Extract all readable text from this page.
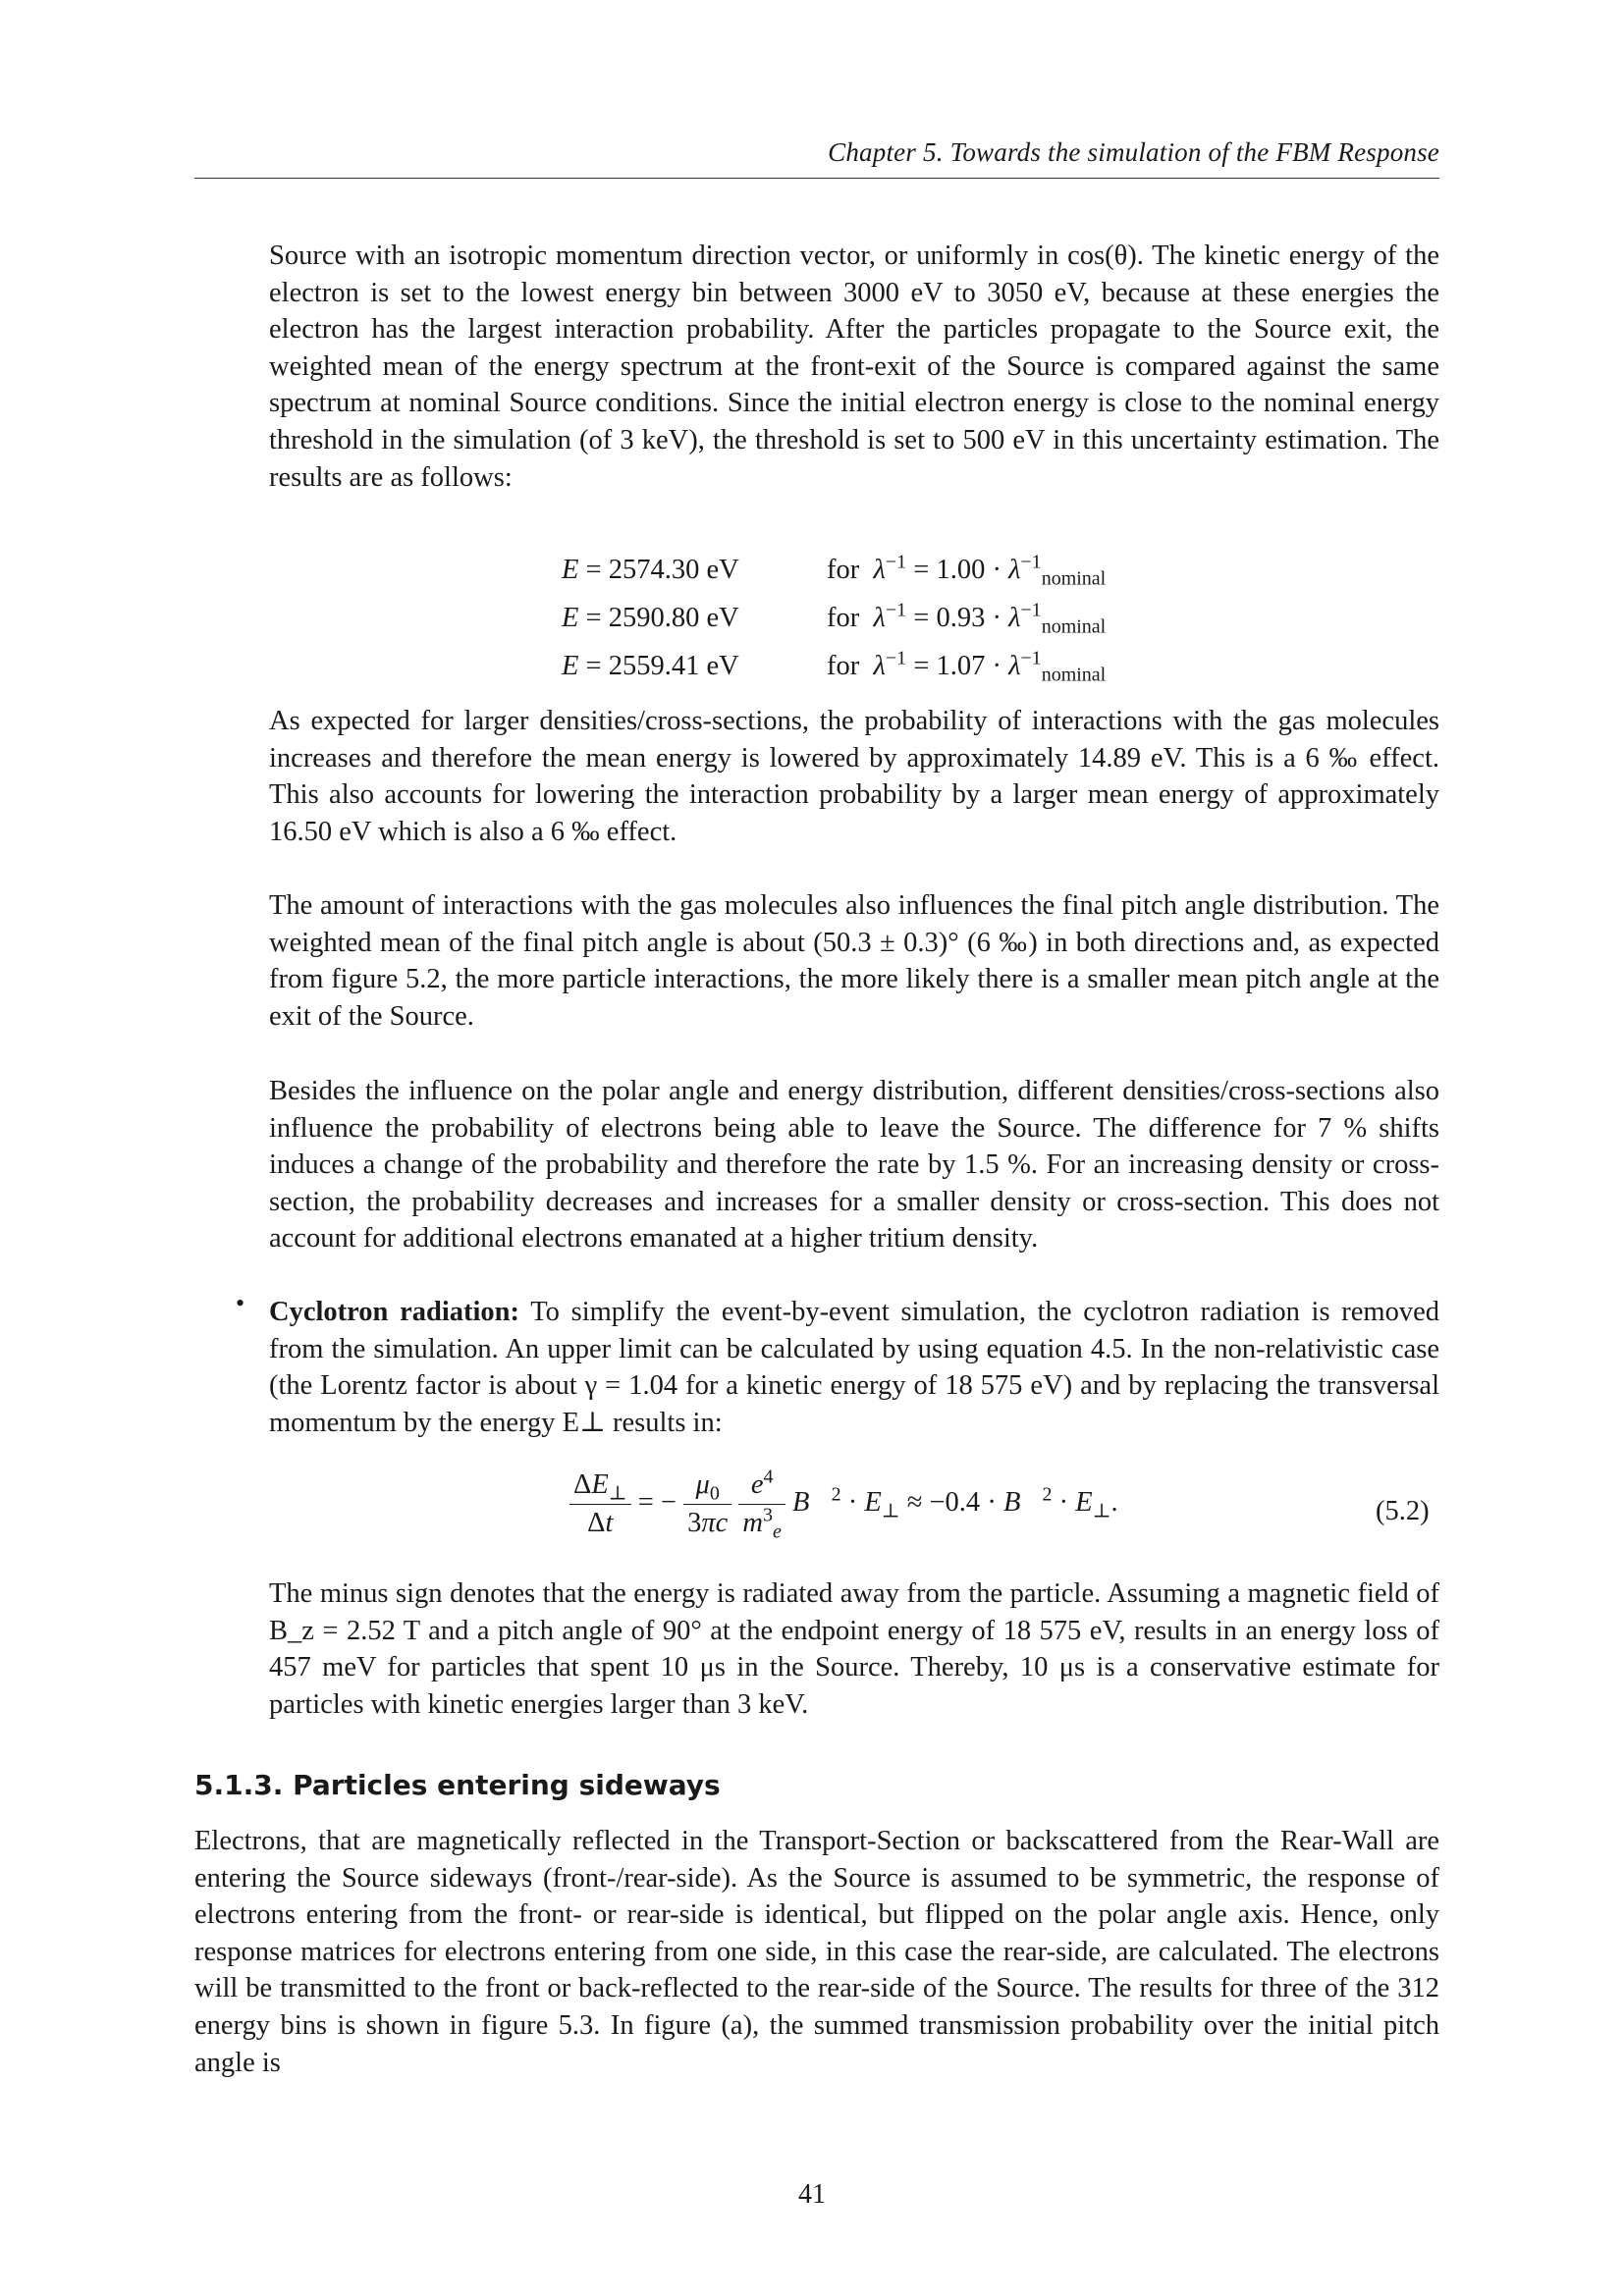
Chapter 5. Towards the simulation of the FBM Response

Source with an isotropic momentum direction vector, or uniformly in cos(θ). The kinetic energy of the electron is set to the lowest energy bin between 3000 eV to 3050 eV, because at these energies the electron has the largest interaction probability. After the particles propagate to the Source exit, the weighted mean of the energy spectrum at the front-exit of the Source is compared against the same spectrum at nominal Source conditions. Since the initial electron energy is close to the nominal energy threshold in the simulation (of 3 keV), the threshold is set to 500 eV in this uncertainty estimation. The results are as follows:

E = 2574.30 eV	for $\lambda^{-1} = 1.00 \cdot \lambda^{-1}_{nominal}$
E = 2590.80 eV	for $\lambda^{-1} = 0.93 \cdot \lambda^{-1}_{nominal}$
E = 2559.41 eV	for $\lambda^{-1} = 1.07 \cdot \lambda^{-1}_{nominal}$

As expected for larger densities/cross-sections, the probability of interactions with the gas molecules increases and therefore the mean energy is lowered by approximately 14.89 eV. This is a 6 ‰ effect. This also accounts for lowering the interaction probability by a larger mean energy of approximately 16.50 eV which is also a 6 ‰ effect.

The amount of interactions with the gas molecules also influences the final pitch angle distribution. The weighted mean of the final pitch angle is about (50.3 ± 0.3)° (6 ‰) in both directions and, as expected from figure 5.2, the more particle interactions, the more likely there is a smaller mean pitch angle at the exit of the Source.

Besides the influence on the polar angle and energy distribution, different densities/cross-sections also influence the probability of electrons being able to leave the Source. The difference for 7 % shifts induces a change of the probability and therefore the rate by 1.5 %. For an increasing density or cross-section, the probability decreases and increases for a smaller density or cross-section. This does not account for additional electrons emanated at a higher tritium density.

• Cyclotron radiation: To simplify the event-by-event simulation, the cyclotron radiation is removed from the simulation. An upper limit can be calculated by using equation 4.5. In the non-relativistic case (the Lorentz factor is about γ = 1.04 for a kinetic energy of 18 575 eV) and by replacing the transversal momentum by the energy E⊥ results in:

$\frac{\Delta E_\perp}{\Delta t}$ = − $\frac{\mu_0}{3\pi c}$
$\frac{e^4}{m^3_e}$ B⃗$^2$ · $E_\perp \approx -0.4$ · B⃗$^2$ · $E_\perp$.	(5.2)

The minus sign denotes that the energy is radiated away from the particle. Assuming a magnetic field of B_z = 2.52 T and a pitch angle of 90° at the endpoint energy of 18 575 eV, results in an energy loss of 457 meV for particles that spent 10 μs in the Source. Thereby, 10 μs is a conservative estimate for particles with kinetic energies larger than 3 keV.

5.1.3. Particles entering sideways

Electrons, that are magnetically reflected in the Transport-Section or backscattered from the Rear-Wall are entering the Source sideways (front-/rear-side). As the Source is assumed to be symmetric, the response of electrons entering from the front- or rear-side is identical, but flipped on the polar angle axis. Hence, only response matrices for electrons entering from one side, in this case the rear-side, are calculated. The electrons will be transmitted to the front or back-reflected to the rear-side of the Source. The results for three of the 312 energy bins is shown in figure 5.3. In figure (a), the summed transmission probability over the initial pitch angle is

41
